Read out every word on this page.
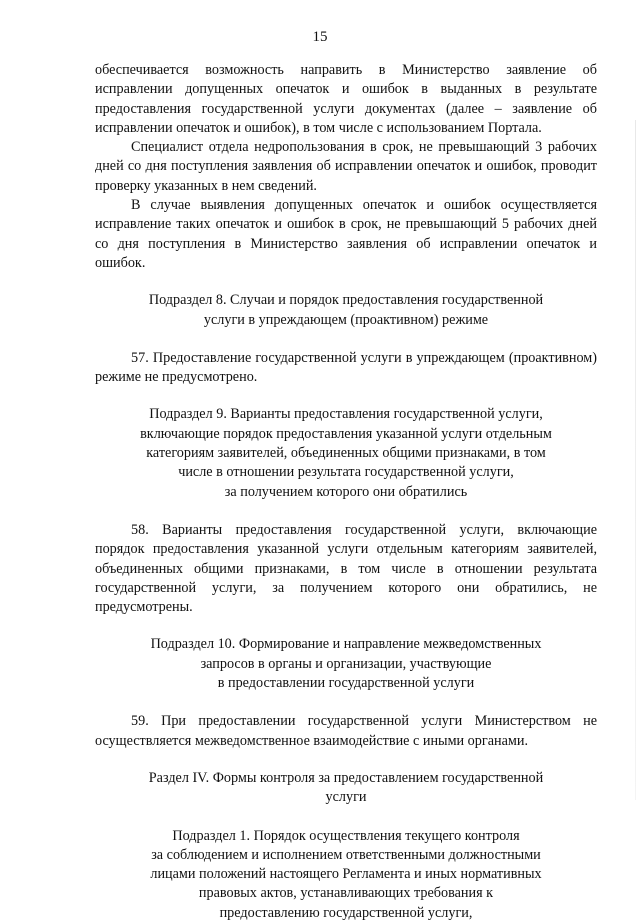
15

обеспечивается возможность направить в Министерство заявление об исправлении допущенных опечаток и ошибок в выданных в результате предоставления государственной услуги документах (далее – заявление об исправлении опечаток и ошибок), в том числе с использованием Портала.

Специалист отдела недропользования в срок, не превышающий 3 рабочих дней со дня поступления заявления об исправлении опечаток и ошибок, проводит проверку указанных в нем сведений.

В случае выявления допущенных опечаток и ошибок осуществляется исправление таких опечаток и ошибок в срок, не превышающий 5 рабочих дней со дня поступления в Министерство заявления об исправлении опечаток и ошибок.

Подраздел 8. Случаи и порядок предоставления государственной
услуги в упреждающем (проактивном) режиме

57. Предоставление государственной услуги в упреждающем (проактивном) режиме не предусмотрено.

Подраздел 9. Варианты предоставления государственной услуги,
включающие порядок предоставления указанной услуги отдельным
категориям заявителей, объединенных общими признаками, в том
числе в отношении результата государственной услуги,
за получением которого они обратились

58. Варианты предоставления государственной услуги, включающие порядок предоставления указанной услуги отдельным категориям заявителей, объединенных общими признаками, в том числе в отношении результата государственной услуги, за получением которого они обратились, не предусмотрены.

Подраздел 10. Формирование и направление межведомственных
запросов в органы и организации, участвующие
в предоставлении государственной услуги

59. При предоставлении государственной услуги Министерством не осуществляется межведомственное взаимодействие с иными органами.

Раздел IV. Формы контроля за предоставлением государственной
услуги
Подраздел 1. Порядок осуществления текущего контроля
за соблюдением и исполнением ответственными должностными
лицами положений настоящего Регламента и иных нормативных
правовых актов, устанавливающих требования к
предоставлению государственной услуги,
